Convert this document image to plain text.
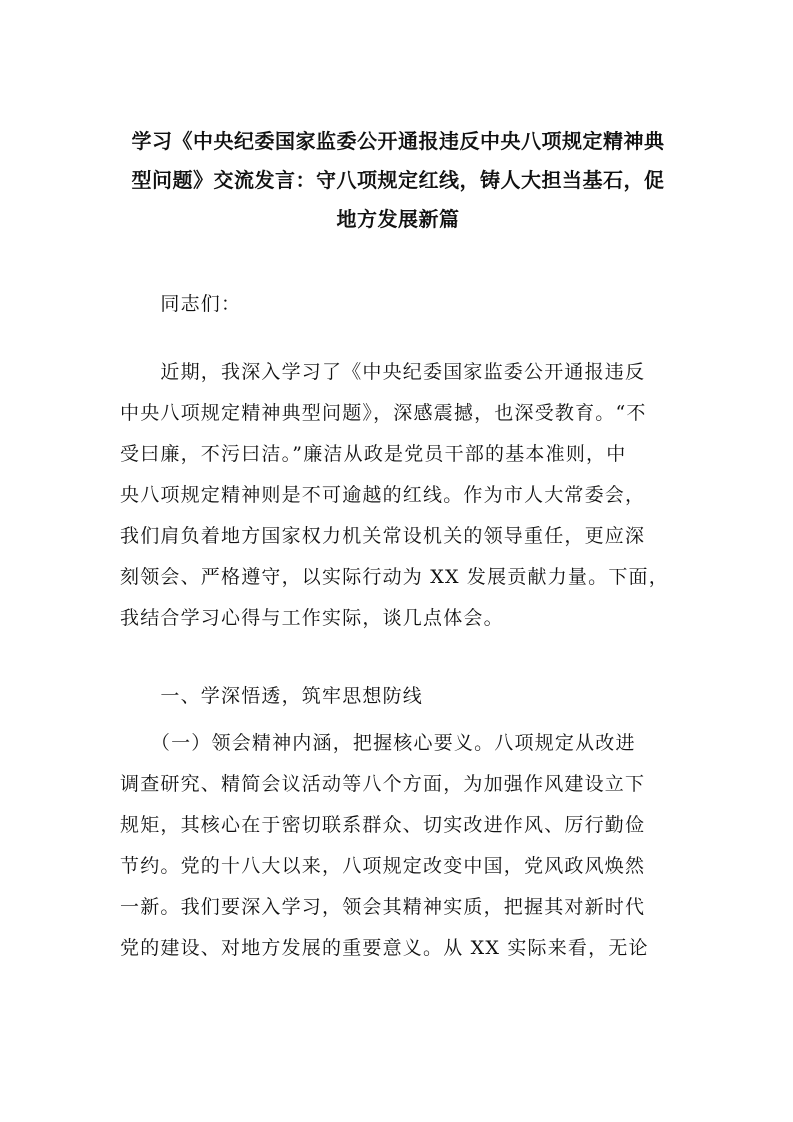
学习《中央纪委国家监委公开通报违反中央八项规定精神典
型问题》交流发言：守八项规定红线，铸人大担当基石，促
地方发展新篇
　　同志们：
　　近期，我深入学习了《中央纪委国家监委公开通报违反
中央八项规定精神典型问题》，深感震撼，也深受教育。“不
受曰廉，不污曰洁。”廉洁从政是党员干部的基本准则，中
央八项规定精神则是不可逾越的红线。作为市人大常委会，
我们肩负着地方国家权力机关常设机关的领导重任，更应深
刻领会、严格遵守，以实际行动为 XX 发展贡献力量。下面，
我结合学习心得与工作实际，谈几点体会。
　　一、学深悟透，筑牢思想防线
　　（一）领会精神内涵，把握核心要义。八项规定从改进
调查研究、精简会议活动等八个方面，为加强作风建设立下
规矩，其核心在于密切联系群众、切实改进作风、厉行勤俭
节约。党的十八大以来，八项规定改变中国，党风政风焕然
一新。我们要深入学习，领会其精神实质，把握其对新时代
党的建设、对地方发展的重要意义。从 XX 实际来看，无论
